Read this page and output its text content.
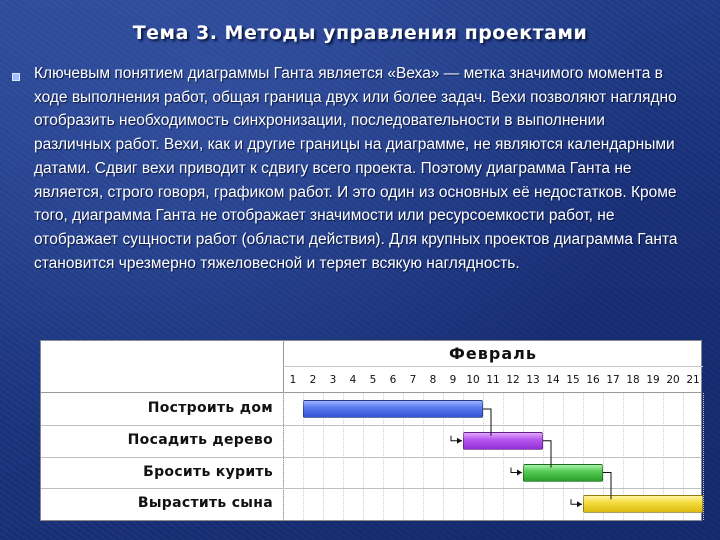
Тема 3. Методы управления проектами
Ключевым понятием диаграммы Ганта является «Веха» — метка значимого момента в ходе выполнения работ, общая граница двух или более задач. Вехи позволяют наглядно отобразить необходимость синхронизации, последовательности в выполнении различных работ. Вехи, как и другие границы на диаграмме, не являются календарными датами. Сдвиг вехи приводит к сдвигу всего проекта. Поэтому диаграмма Ганта не является, строго говоря, графиком работ. И это один из основных её недостатков. Кроме того, диаграмма Ганта не отображает значимости или ресурсоемкости работ, не отображает сущности работ (области действия). Для крупных проектов диаграмма Ганта становится чрезмерно тяжеловесной и теряет всякую наглядность.
Февраль
1	2	3	4	5	6	7	8	9 10 11 12 13 14 15 16 17 18 19 20 21
Построить дом
Посадить дерево
Бросить курить
Вырастить сына
